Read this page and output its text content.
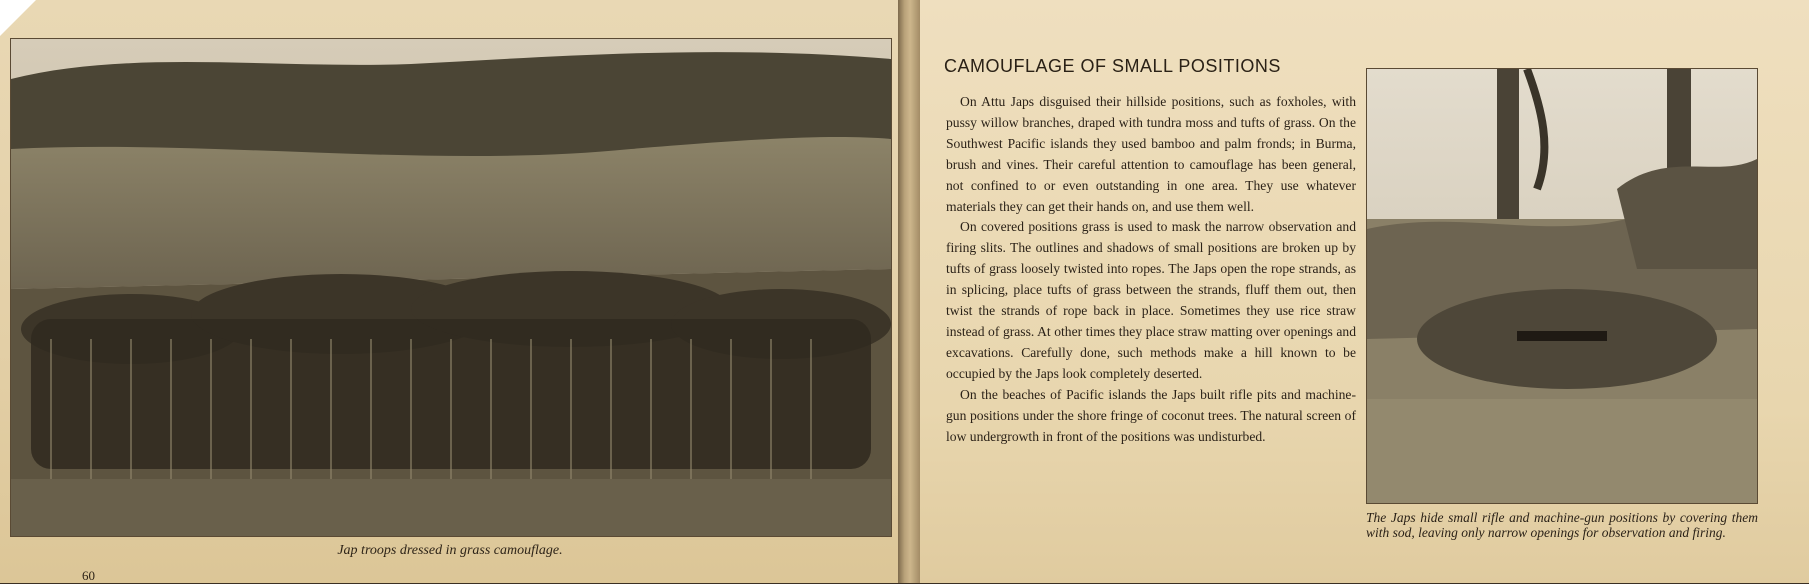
Jap troops dressed in grass camouflage.
60
CAMOUFLAGE OF SMALL POSITIONS

On Attu Japs disguised their hillside positions, such as foxholes, with pussy willow branches, draped with tundra moss and tufts of grass. On the Southwest Pacific islands they used bamboo and palm fronds; in Burma, brush and vines. Their careful attention to camouflage has been general, not confined to or even outstanding in one area. They use whatever materials they can get their hands on, and use them well.

On covered positions grass is used to mask the narrow observation and firing slits. The outlines and shadows of small positions are broken up by tufts of grass loosely twisted into ropes. The Japs open the rope strands, as in splicing, place tufts of grass between the strands, fluff them out, then twist the strands of rope back in place. Sometimes they use rice straw instead of grass. At other times they place straw matting over openings and excavations. Carefully done, such methods make a hill known to be occupied by the Japs look completely deserted.

On the beaches of Pacific islands the Japs built rifle pits and machine-gun positions under the shore fringe of coconut trees. The natural screen of low undergrowth in front of the positions was undisturbed.

The Japs hide small rifle and machine-gun positions by covering them with sod, leaving only narrow openings for observation and firing.
